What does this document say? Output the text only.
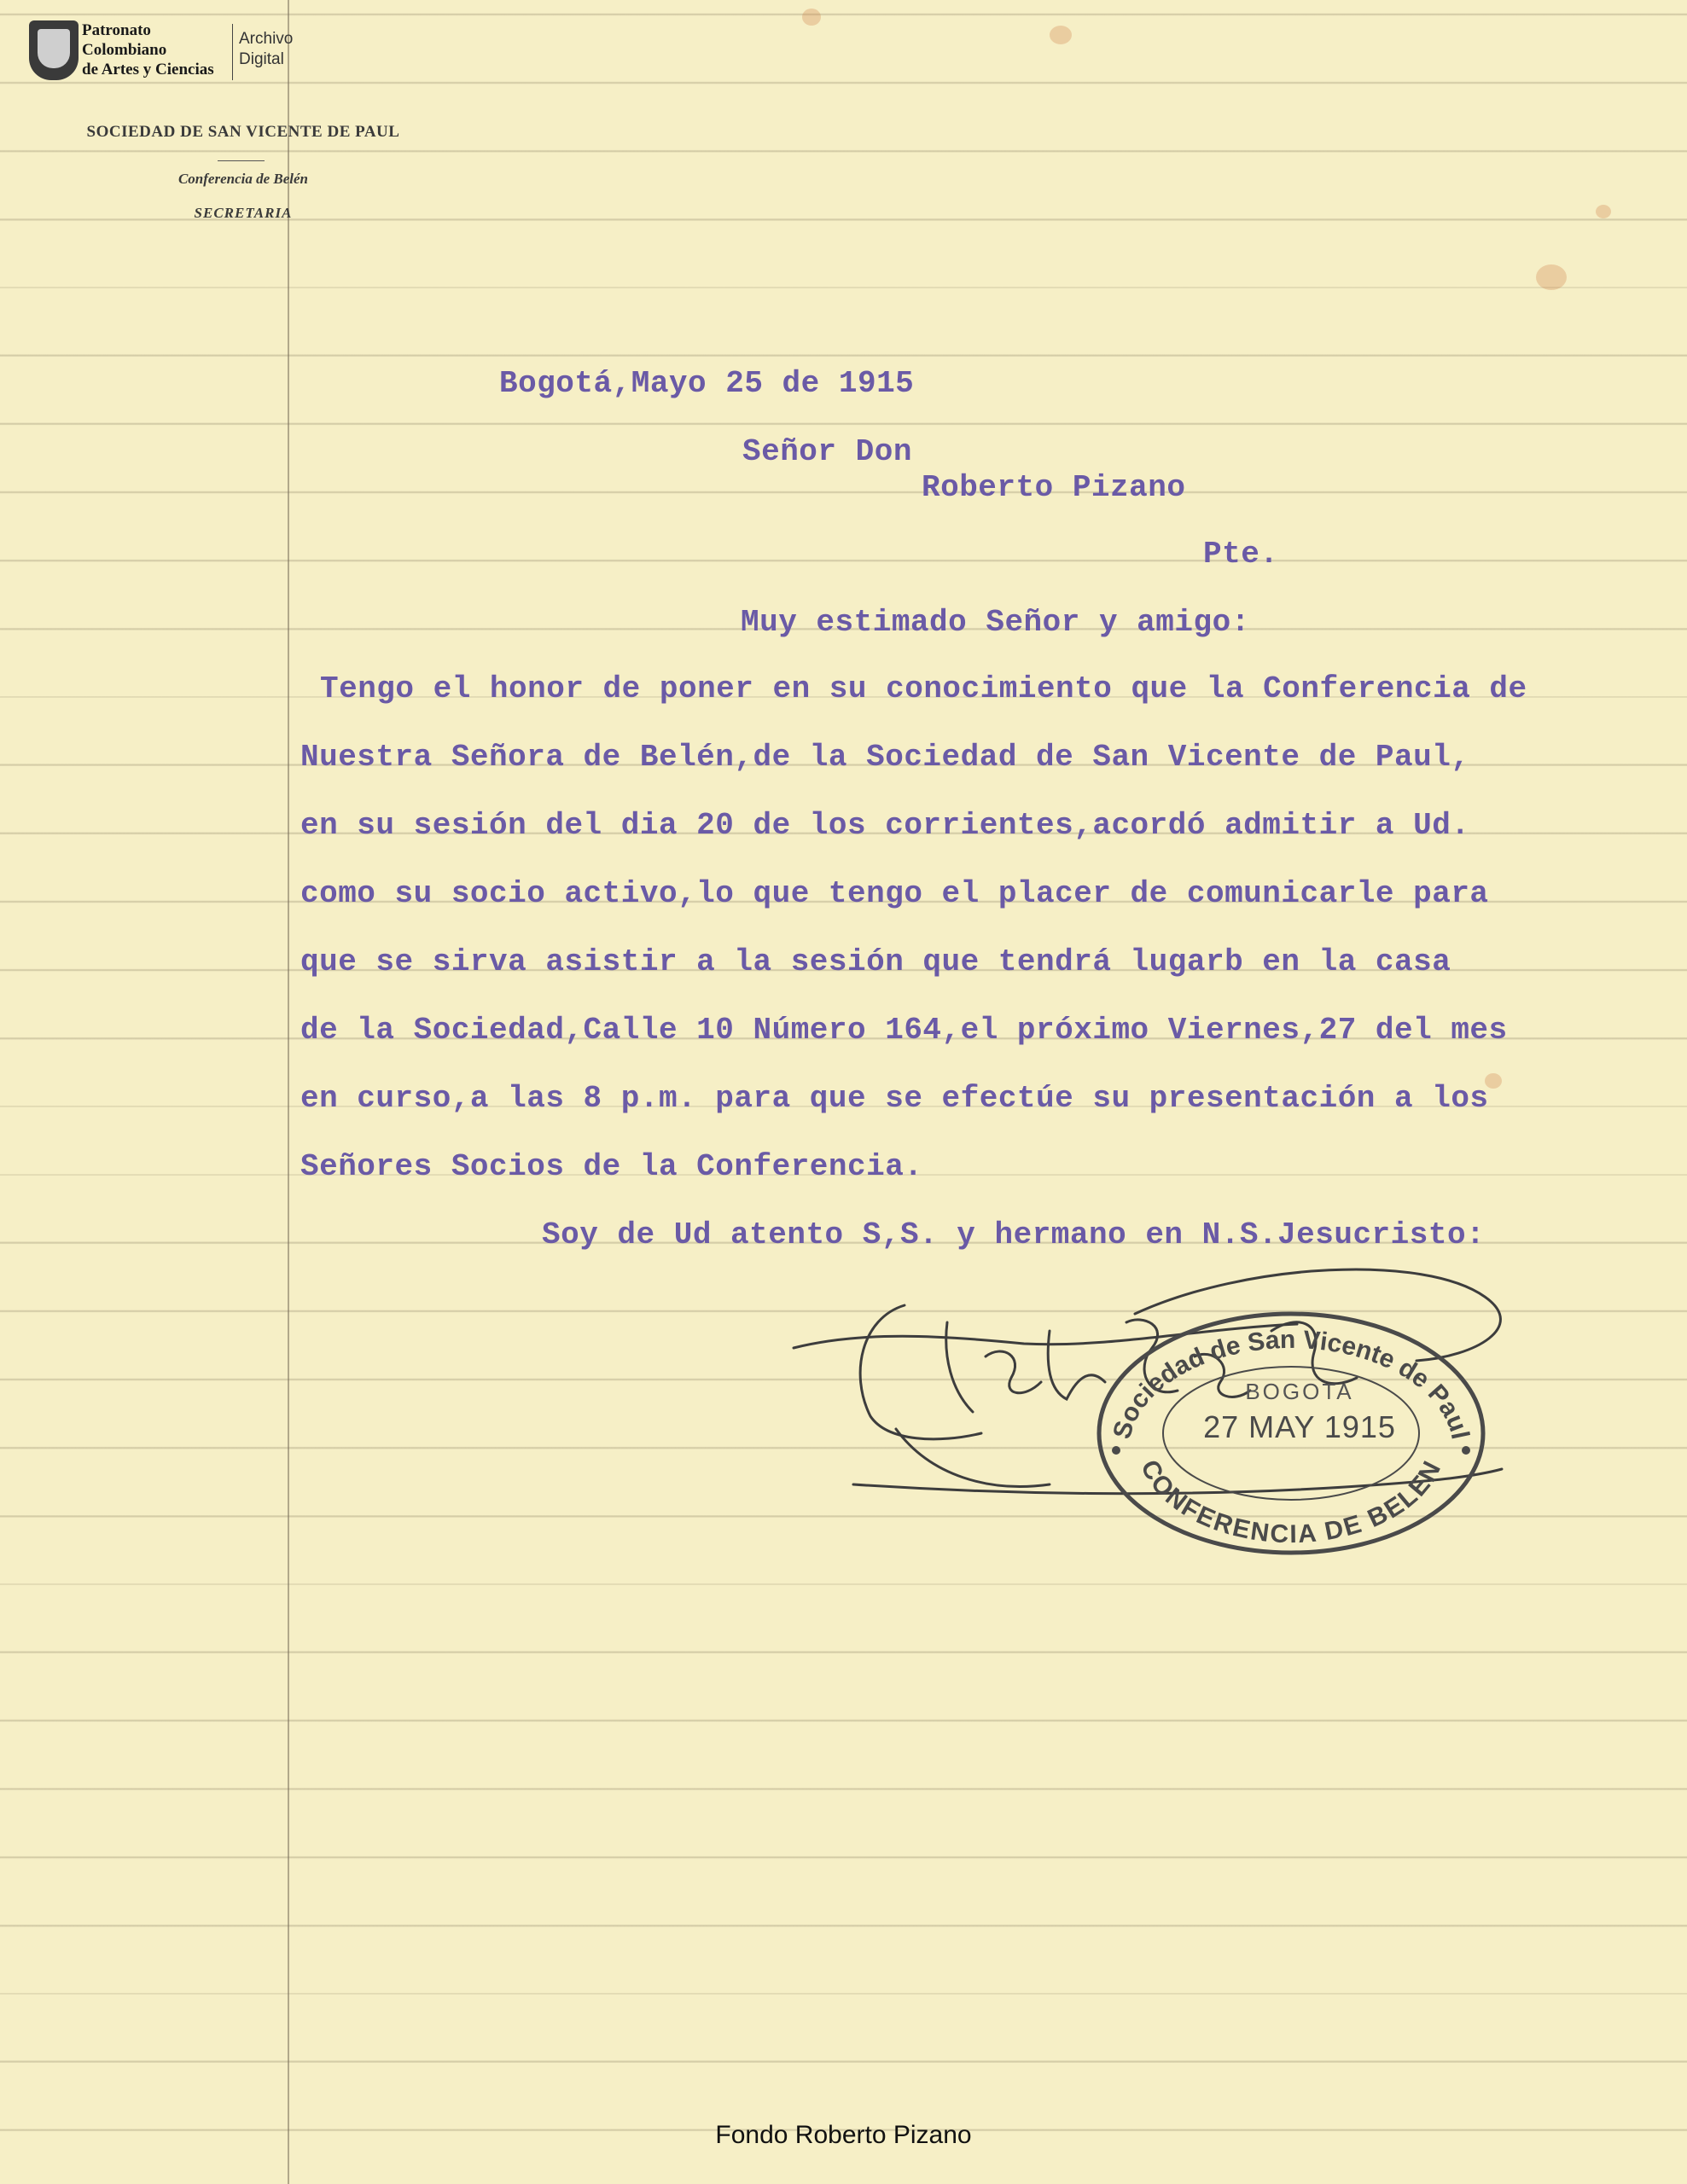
Patronato
Colombiano
de Artes y Ciencias
Archivo
Digital
SOCIEDAD DE SAN VICENTE DE PAUL
Conferencia de Belén
SECRETARIA
Bogotá,Mayo 25 de 1915
Señor Don
Roberto Pizano
Pte.
Muy estimado Señor y amigo:
Tengo el honor de poner en su conocimiento que la Conferencia de
Nuestra Señora de Belén,de la Sociedad de San Vicente de Paul,
en su sesión del dia 20 de los corrientes,acordó admitir a Ud.
como su socio activo,lo que tengo el placer de comunicarle para
que se sirva asistir a la sesión que tendrá lugarb en la casa
de la Sociedad,Calle 10 Número 164,el próximo Viernes,27 del mes
en curso,a las 8 p.m. para que se efectúe su presentación a los
Señores Socios de la Conferencia.
Soy de Ud atento S,S. y hermano en N.S.Jesucristo:
Sociedad de San Vicente de Paul
CONFERENCIA DE BELEN
BOGOTA
27 MAY 1915
Fondo Roberto Pizano
